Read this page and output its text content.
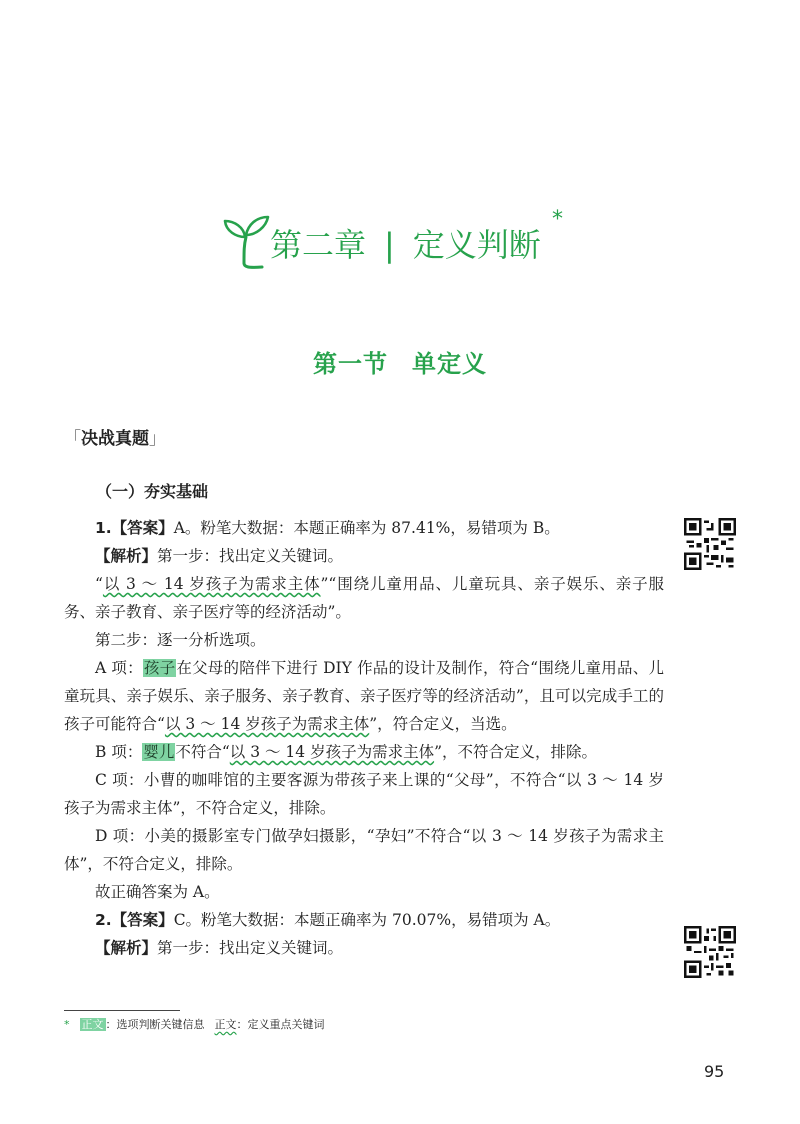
第二章 | 定义判断
*
第一节 单定义
「决战真题」
（一）夯实基础
1.【答案】A。粉笔大数据：本题正确率为 87.41%，易错项为 B。
【解析】第一步：找出定义关键词。
“以 3 ～ 14 岁孩子为需求主体”“围绕儿童用品、儿童玩具、亲子娱乐、亲子服务、亲子教育、亲子医疗等的经济活动”。
第二步：逐一分析选项。
A 项：孩子在父母的陪伴下进行 DIY 作品的设计及制作，符合“围绕儿童用品、儿童玩具、亲子娱乐、亲子服务、亲子教育、亲子医疗等的经济活动”，且可以完成手工的孩子可能符合“以 3 ～ 14 岁孩子为需求主体”，符合定义，当选。
B 项：婴儿不符合“以 3 ～ 14 岁孩子为需求主体”，不符合定义，排除。
C 项：小曹的咖啡馆的主要客源为带孩子来上课的“父母”，不符合“以 3 ～ 14 岁孩子为需求主体”，不符合定义，排除。
D 项：小美的摄影室专门做孕妇摄影，“孕妇”不符合“以 3 ～ 14 岁孩子为需求主体”，不符合定义，排除。
故正确答案为 A。
2.【答案】C。粉笔大数据：本题正确率为 70.07%，易错项为 A。
【解析】第一步：找出定义关键词。
* 正文 ：选项判断关键信息 正文：定义重点关键词
95
